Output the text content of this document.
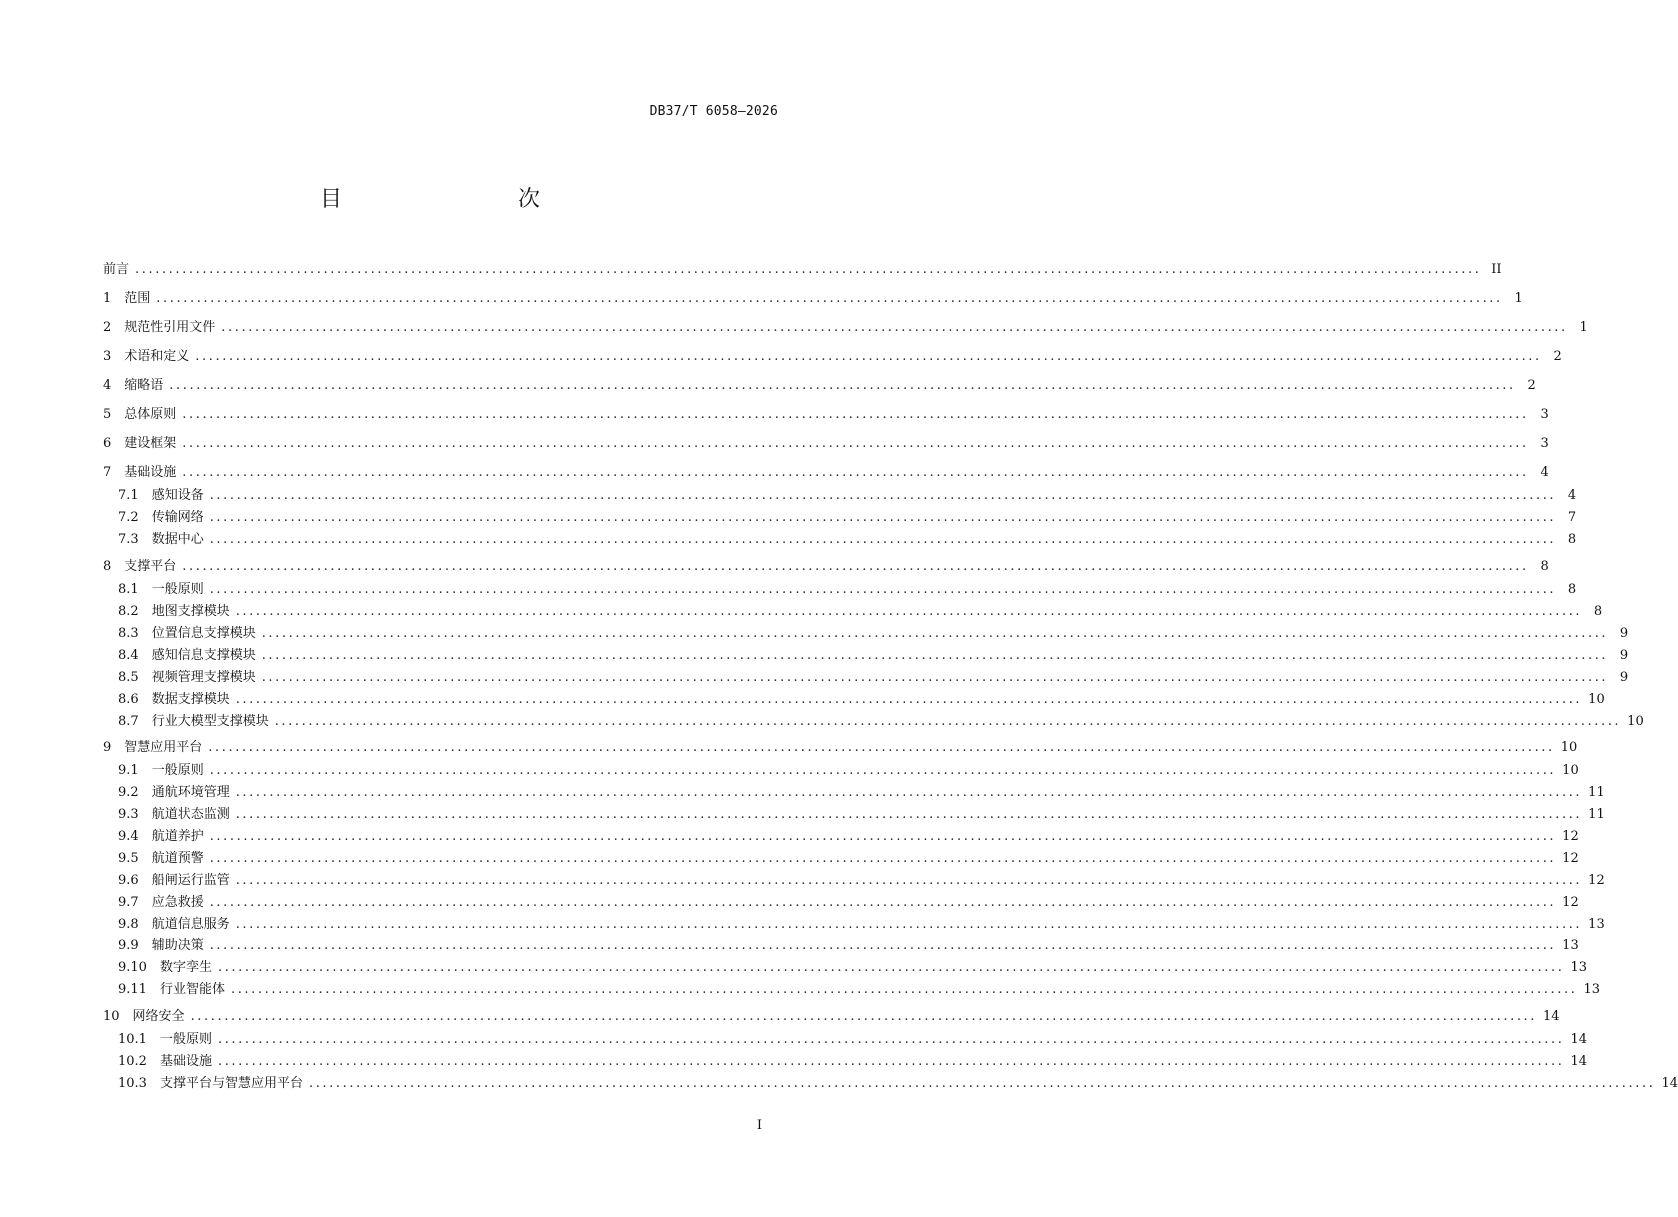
DB37/T 6058—2026
目　　次
前言 ........................................................................................................................................................................................................ II
1　 范围 ........................................................................................................................................................................................................ 1
2　 规范性引用文件 ........................................................................................................................................................................................................ 1
3　 术语和定义 ........................................................................................................................................................................................................ 2
4　 缩略语 ........................................................................................................................................................................................................ 2
5　 总体原则 ........................................................................................................................................................................................................ 3
6　 建设框架 ........................................................................................................................................................................................................ 3
7　 基础设施 ........................................................................................................................................................................................................ 4
7.1　 感知设备 ........................................................................................................................................................................................................ 4
7.2　 传输网络 ........................................................................................................................................................................................................ 7
7.3　 数据中心 ........................................................................................................................................................................................................ 8
8　 支撑平台 ........................................................................................................................................................................................................ 8
8.1　 一般原则 ........................................................................................................................................................................................................ 8
8.2　 地图支撑模块 ........................................................................................................................................................................................................ 8
8.3　 位置信息支撑模块 ........................................................................................................................................................................................................ 9
8.4　 感知信息支撑模块 ........................................................................................................................................................................................................ 9
8.5　 视频管理支撑模块 ........................................................................................................................................................................................................ 9
8.6　 数据支撑模块 ........................................................................................................................................................................................................ 10
8.7　 行业大模型支撑模块 ........................................................................................................................................................................................................ 10
9　 智慧应用平台 ........................................................................................................................................................................................................ 10
9.1　 一般原则 ........................................................................................................................................................................................................ 10
9.2　 通航环境管理 ........................................................................................................................................................................................................ 11
9.3　 航道状态监测 ........................................................................................................................................................................................................ 11
9.4　 航道养护 ........................................................................................................................................................................................................ 12
9.5　 航道预警 ........................................................................................................................................................................................................ 12
9.6　 船闸运行监管 ........................................................................................................................................................................................................ 12
9.7　 应急救援 ........................................................................................................................................................................................................ 12
9.8　 航道信息服务 ........................................................................................................................................................................................................ 13
9.9　 辅助决策 ........................................................................................................................................................................................................ 13
9.10　 数字孪生 ........................................................................................................................................................................................................ 13
9.11　 行业智能体 ........................................................................................................................................................................................................ 13
10　 网络安全 ........................................................................................................................................................................................................ 14
10.1　 一般原则 ........................................................................................................................................................................................................ 14
10.2　 基础设施 ........................................................................................................................................................................................................ 14
10.3　 支撑平台与智慧应用平台 ........................................................................................................................................................................................................ 14
I
